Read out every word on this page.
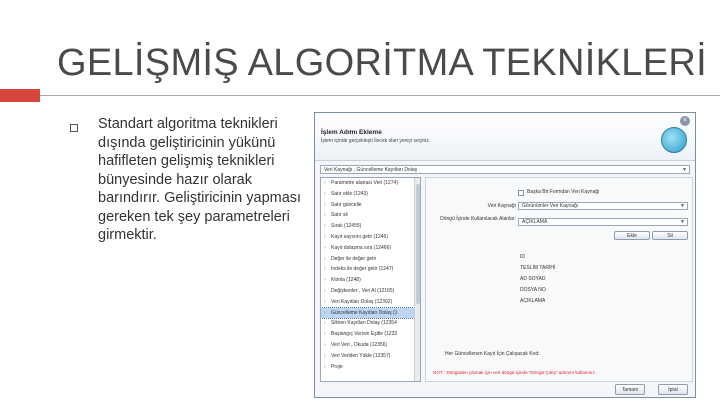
GELİŞMİŞ ALGORİTMA TEKNİKLERİ
Standart algoritma teknikleri dışında geliştiricinin yükünü hafifleten gelişmiş teknikleri bünyesinde hazır olarak barındırır. Geliştiricinin yapması gereken tek şey parametreleri girmektir.
İşlem Adımı Ekleme
İşlem içinde gerçekleşti İlecek olan yeniyi seçiniz.
×
Veri Kaynağı , Güncelleme Kayıtları Dolaş	▼
› Parametre atanası Veri (1274)
› Satır ekle (1243)
› Satır güncelle
› Satır sil
› Sıralı (12455)
› Kayıt sayısını getir (1246)
› Kayıt dolaşma sıra (12466)
› Değer ile değer getir
› İndeks ile değer getir (1247)
› Klonla (1248)
› Değişkenler , Veri Al (12165)
› Veri Kayıtları Dolaş (12392)
› Güncelleme Kayıtları Dolaş (1
› Silinen Kayıtları Dolaş (12354
› Başlangıç Verisin Eşitle (1233
› Veri Veri , Okuda (12356)
› Veri Veriden Yükle (12357)
› Proje
Başka Bir Formdan Veri Kaynağı
Veri Kaynağı	Görünümler Veri Kaynağı	▼
Döngü İçinde Kullanılacak Alanlar:	AÇIKLAMA	▼
Ekle	Sil
ID
TESLİM TARİHİ
AD SOYAD
DOSYA NO
AÇIKLAMA
Her Güncellenen Kayıt İçin Çalışacak Kod:
NOT : Döngüden çıkmak için veri döngü içinde "Döngü Çıkış" adımını kullanınız.
Tamam	İptal
